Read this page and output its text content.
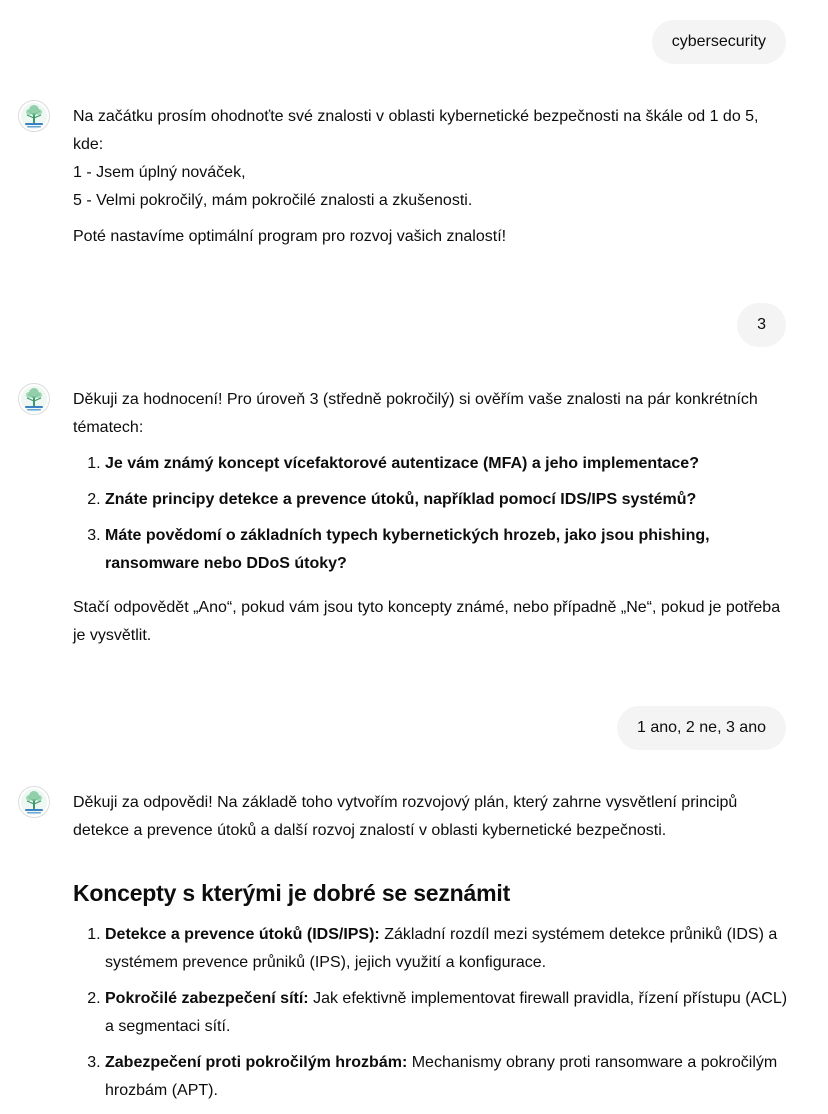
cybersecurity

Na začátku prosím ohodnoťte své znalosti v oblasti kybernetické bezpečnosti na škále od 1 do 5, kde:

1 - Jsem úplný nováček,

5 - Velmi pokročilý, mám pokročilé znalosti a zkušenosti.

Poté nastavíme optimální program pro rozvoj vašich znalostí!

3

Děkuji za hodnocení! Pro úroveň 3 (středně pokročilý) si ověřím vaše znalosti na pár konkrétních tématech:

1. Je vám známý koncept vícefaktorové autentizace (MFA) a jeho implementace?
2. Znáte principy detekce a prevence útoků, například pomocí IDS/IPS systémů?
3. Máte povědomí o základních typech kybernetických hrozeb, jako jsou phishing, ransomware nebo DDoS útoky?

Stačí odpovědět „Ano“, pokud vám jsou tyto koncepty známé, nebo případně „Ne“, pokud je potřeba je vysvětlit.

1 ano, 2 ne, 3 ano

Děkuji za odpovědi! Na základě toho vytvořím rozvojový plán, který zahrne vysvětlení principů detekce a prevence útoků a další rozvoj znalostí v oblasti kybernetické bezpečnosti.

Koncepty s kterými je dobré se seznámit
1. Detekce a prevence útoků (IDS/IPS): Základní rozdíl mezi systémem detekce průniků (IDS) a systémem prevence průniků (IPS), jejich využití a konfigurace.
2. Pokročilé zabezpečení sítí: Jak efektivně implementovat firewall pravidla, řízení přístupu (ACL) a segmentaci sítí.
3. Zabezpečení proti pokročilým hrozbám: Mechanismy obrany proti ransomware a pokročilým hrozbám (APT).
